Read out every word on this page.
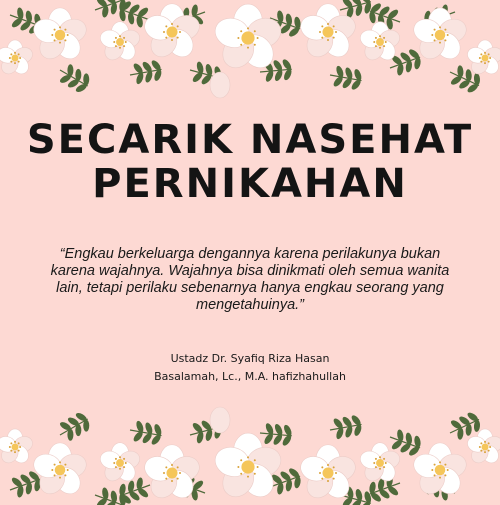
SECARIK NASEHAT
PERNIKAHAN

“Engkau berkeluarga dengannya karena perilakunya bukan karena wajahnya. Wajahnya bisa dinikmati oleh semua wanita lain, tetapi perilaku sebenarnya hanya engkau seorang yang mengetahuinya.”

Ustadz Dr. Syafiq Riza Hasan
Basalamah, Lc., M.A. hafizhahullah
